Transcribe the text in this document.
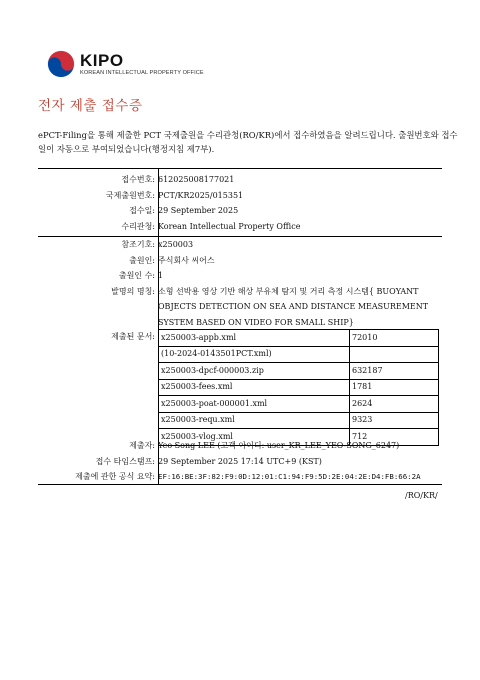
KIPO
KOREAN INTELLECTUAL PROPERTY OFFICE
전자 제출 접수증
ePCT-Filing을 통해 제출한 PCT 국제출원을 수리관청(RO/KR)에서 접수하였음을 알려드립니다. 출원번호와 접수일이 자동으로 부여되었습니다(행정지침 제7부).
접수번호: 612025008177021
국제출원번호: PCT/KR2025/015351
접수일: 29 September 2025
수리관청: Korean Intellectual Property Office
참조기호: x250003
출원인: 주식회사 씨어스
출원인 수: 1
발명의 명칭: 소형 선박용 영상 기반 해상 부유체 탐지 및 거리 측정 시스템{ BUOYANT OBJECTS DETECTION ON SEA AND DISTANCE MEASUREMENT SYSTEM BASED ON VIDEO FOR SMALL SHIP}
제출된 문서: x250003-appb.xml	72010
(10-2024-0143501PCT.xml)	
x250003-dpcf-000003.zip	632187
x250003-fees.xml	1781
x250003-poat-000001.xml	2624
x250003-requ.xml	9323
x250003-vlog.xml	712
제출자: Yeo Song LEE (고객 아이디: user_KR_LEE_YEO-SONG_6247)
접수 타임스탬프: 29 September 2025 17:14 UTC+9 (KST)
제출에 관한 공식 요약: EF:16:BE:3F:82:F9:0D:12:01:C1:94:F9:5D:2E:04:2E:D4:FB:66:2A
/RO/KR/
